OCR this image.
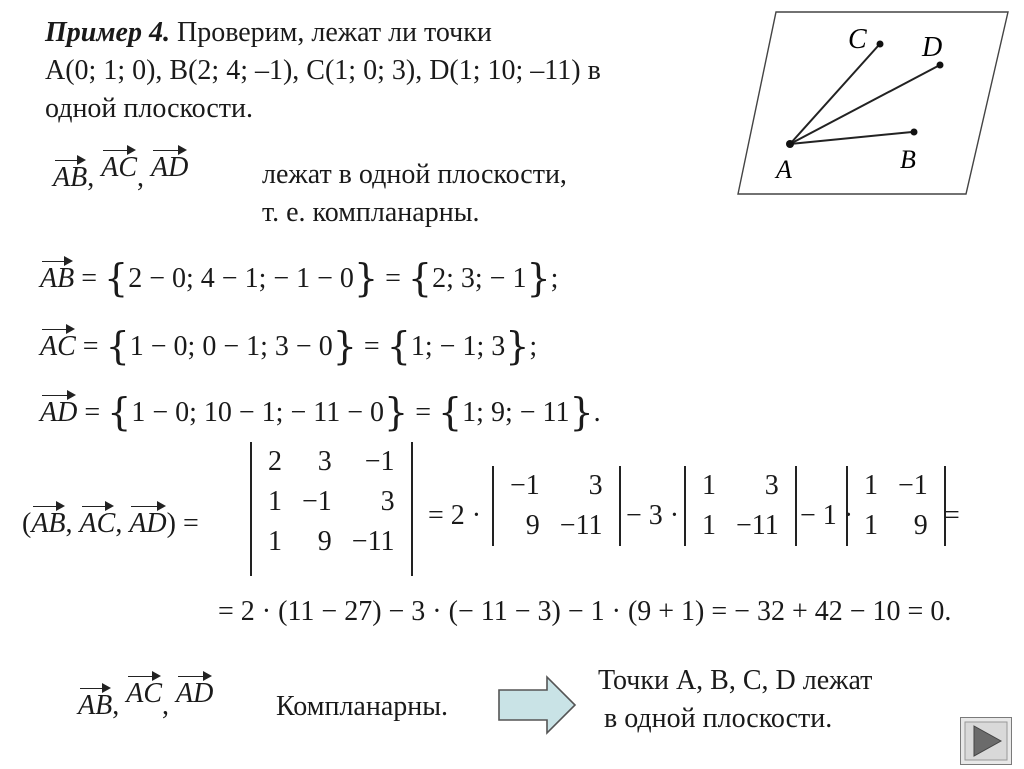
Пример 4. Проверим, лежат ли точки
A(0; 1; 0), B(2; 4; –1), C(1; 0; 3), D(1; 10; –11) в
одной плоскости.
AB, AC, AD	лежат в одной плоскости,
т. е. компланарны.
AB = {2 − 0; 4 − 1; − 1 − 0} = {2; 3; − 1};
AC = {1 − 0; 0 − 1; 3 − 0} = {1; − 1; 3};
AD = {1 − 0; 10 − 1; − 11 − 0} = {1; 9; − 11}.
(AB, AC, AD) =
2	3	−1
1	−1	3
1	9	−11
= 2 ·
−1	3
9	−11 − 3 ·
1	3
1	−11 − 1 ·
1	−1
1	9 =
= 2 · (11 − 27) − 3 · (− 11 − 3) − 1 · (9 + 1) = − 32 + 42 − 10 = 0.
AB, AC, AD Компланарны.
Точки A, B, C, D лежат
в одной плоскости.
A
C D
B
